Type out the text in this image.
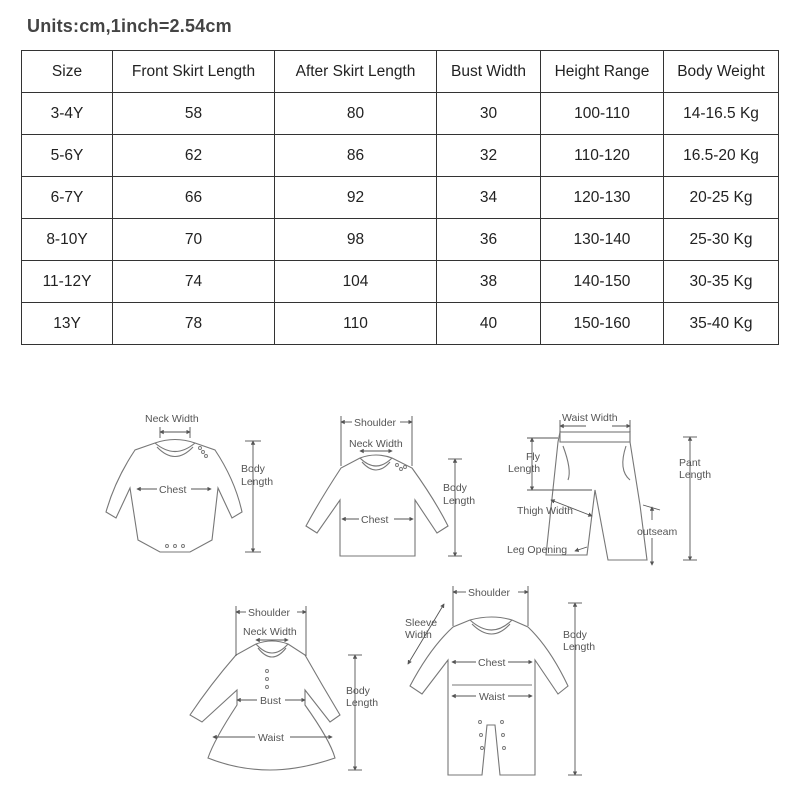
Units:cm,1inch=2.54cm
Size	Front Skirt Length	After Skirt Length	Bust Width	Height Range	Body Weight
3-4Y	58	80	30	100-110	14-16.5 Kg
5-6Y	62	86	32	110-120	16.5-20 Kg
6-7Y	66	92	34	120-130	20-25 Kg
8-10Y	70	98	36	130-140	25-30 Kg
11-12Y	74	104	38	140-150	30-35 Kg
13Y	78	110	40	150-160	35-40 Kg
Neck Width
Chest
Body
Length
Shoulder
Neck Width
Chest
Body
Length
Waist Width
Fly
Length	Pant
Length
Thigh Width
outseam
Leg Opening
Shoulder
Neck Width
Bust
Waist
Body
Length
Shoulder
Sleeve
Width
Chest
Waist
Body
Length
